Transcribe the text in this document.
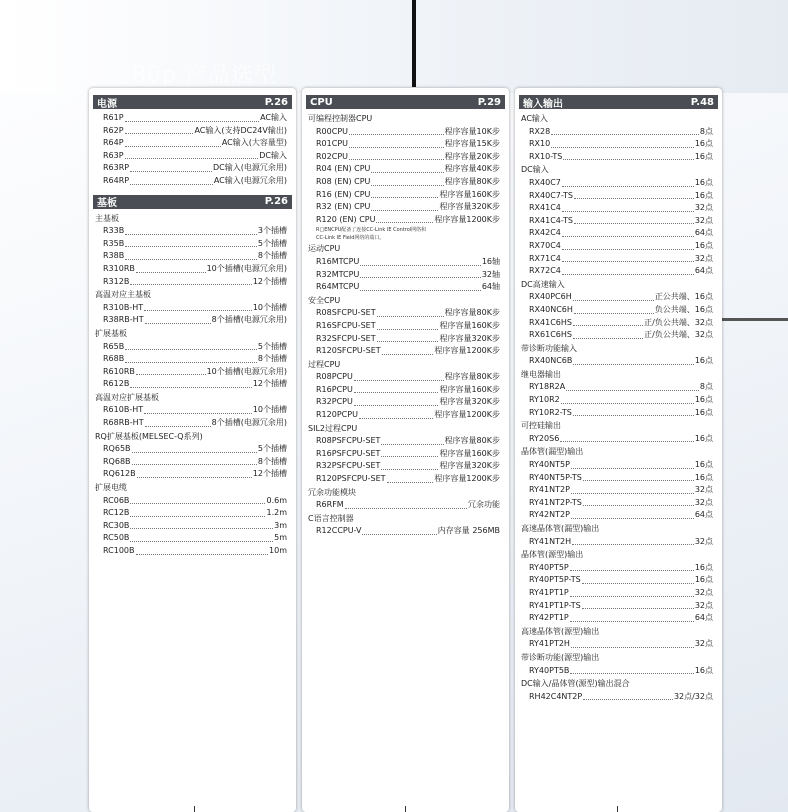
80p 产品选型
电源	P.26
R61P	AC输入
R62P	AC输入(支持DC24V输出)
R64P	AC输入(大容量型)
R63P	DC输入
R63RP	DC输入(电源冗余用)
R64RP	AC输入(电源冗余用)
基板	P.26
主基板
R33B	3个插槽
R35B	5个插槽
R38B	8个插槽
R310RB	10个插槽(电源冗余用)
R312B	12个插槽
高温对应主基板
R310B-HT	10个插槽
R38RB-HT	8个插槽(电源冗余用)
扩展基板
R65B	5个插槽
R68B	8个插槽
R610RB	10个插槽(电源冗余用)
R612B	12个插槽
高温对应扩展基板
R610B-HT	10个插槽
R68RB-HT	8个插槽(电源冗余用)
RQ扩展基板(MELSEC-Q系列)
RQ65B	5个插槽
RQ68B	8个插槽
RQ612B	12个插槽
扩展电缆
RC06B	0.6m
RC12B	1.2m
RC30B	3m
RC50B	5m
RC100B	10m
CPU	P.29
可编程控制器CPU
R00CPU	程序容量10K步
R01CPU	程序容量15K步
R02CPU	程序容量20K步
R04 (EN) CPU	程序容量40K步
R08 (EN) CPU	程序容量80K步
R16 (EN) CPU	程序容量160K步
R32 (EN) CPU	程序容量320K步
R120 (EN) CPU	程序容量1200K步
R□ENCPU配备了连接CC-Link IE Control网络和
CC-Link IE Field网络的端口。
运动CPU
R16MTCPU	16轴
R32MTCPU	32轴
R64MTCPU	64轴
安全CPU
R08SFCPU-SET	程序容量80K步
R16SFCPU-SET	程序容量160K步
R32SFCPU-SET	程序容量320K步
R120SFCPU-SET	程序容量1200K步
过程CPU
R08PCPU	程序容量80K步
R16PCPU	程序容量160K步
R32PCPU	程序容量320K步
R120PCPU	程序容量1200K步
SIL2过程CPU
R08PSFCPU-SET	程序容量80K步
R16PSFCPU-SET	程序容量160K步
R32PSFCPU-SET	程序容量320K步
R120PSFCPU-SET	程序容量1200K步
冗余功能模块
R6RFM	冗余功能
C语言控制器
R12CCPU-V	内存容量 256MB
输入输出	P.48
AC输入
RX28	8点
RX10	16点
RX10-TS	16点
DC输入
RX40C7	16点
RX40C7-TS	16点
RX41C4	32点
RX41C4-TS	32点
RX42C4	64点
RX70C4	16点
RX71C4	32点
RX72C4	64点
DC高速输入
RX40PC6H	正公共端、16点
RX40NC6H	负公共端、16点
RX41C6HS	正/负公共端、32点
RX61C6HS	正/负公共端、32点
带诊断功能输入
RX40NC6B	16点
继电器输出
RY18R2A	8点
RY10R2	16点
RY10R2-TS	16点
可控硅输出
RY20S6	16点
晶体管(漏型)输出
RY40NT5P	16点
RY40NT5P-TS	16点
RY41NT2P	32点
RY41NT2P-TS	32点
RY42NT2P	64点
高速晶体管(漏型)输出
RY41NT2H	32点
晶体管(源型)输出
RY40PT5P	16点
RY40PT5P-TS	16点
RY41PT1P	32点
RY41PT1P-TS	32点
RY42PT1P	64点
高速晶体管(源型)输出
RY41PT2H	32点
带诊断功能(源型)输出
RY40PT5B	16点
DC输入/晶体管(源型)输出混合
RH42C4NT2P	32点/32点
